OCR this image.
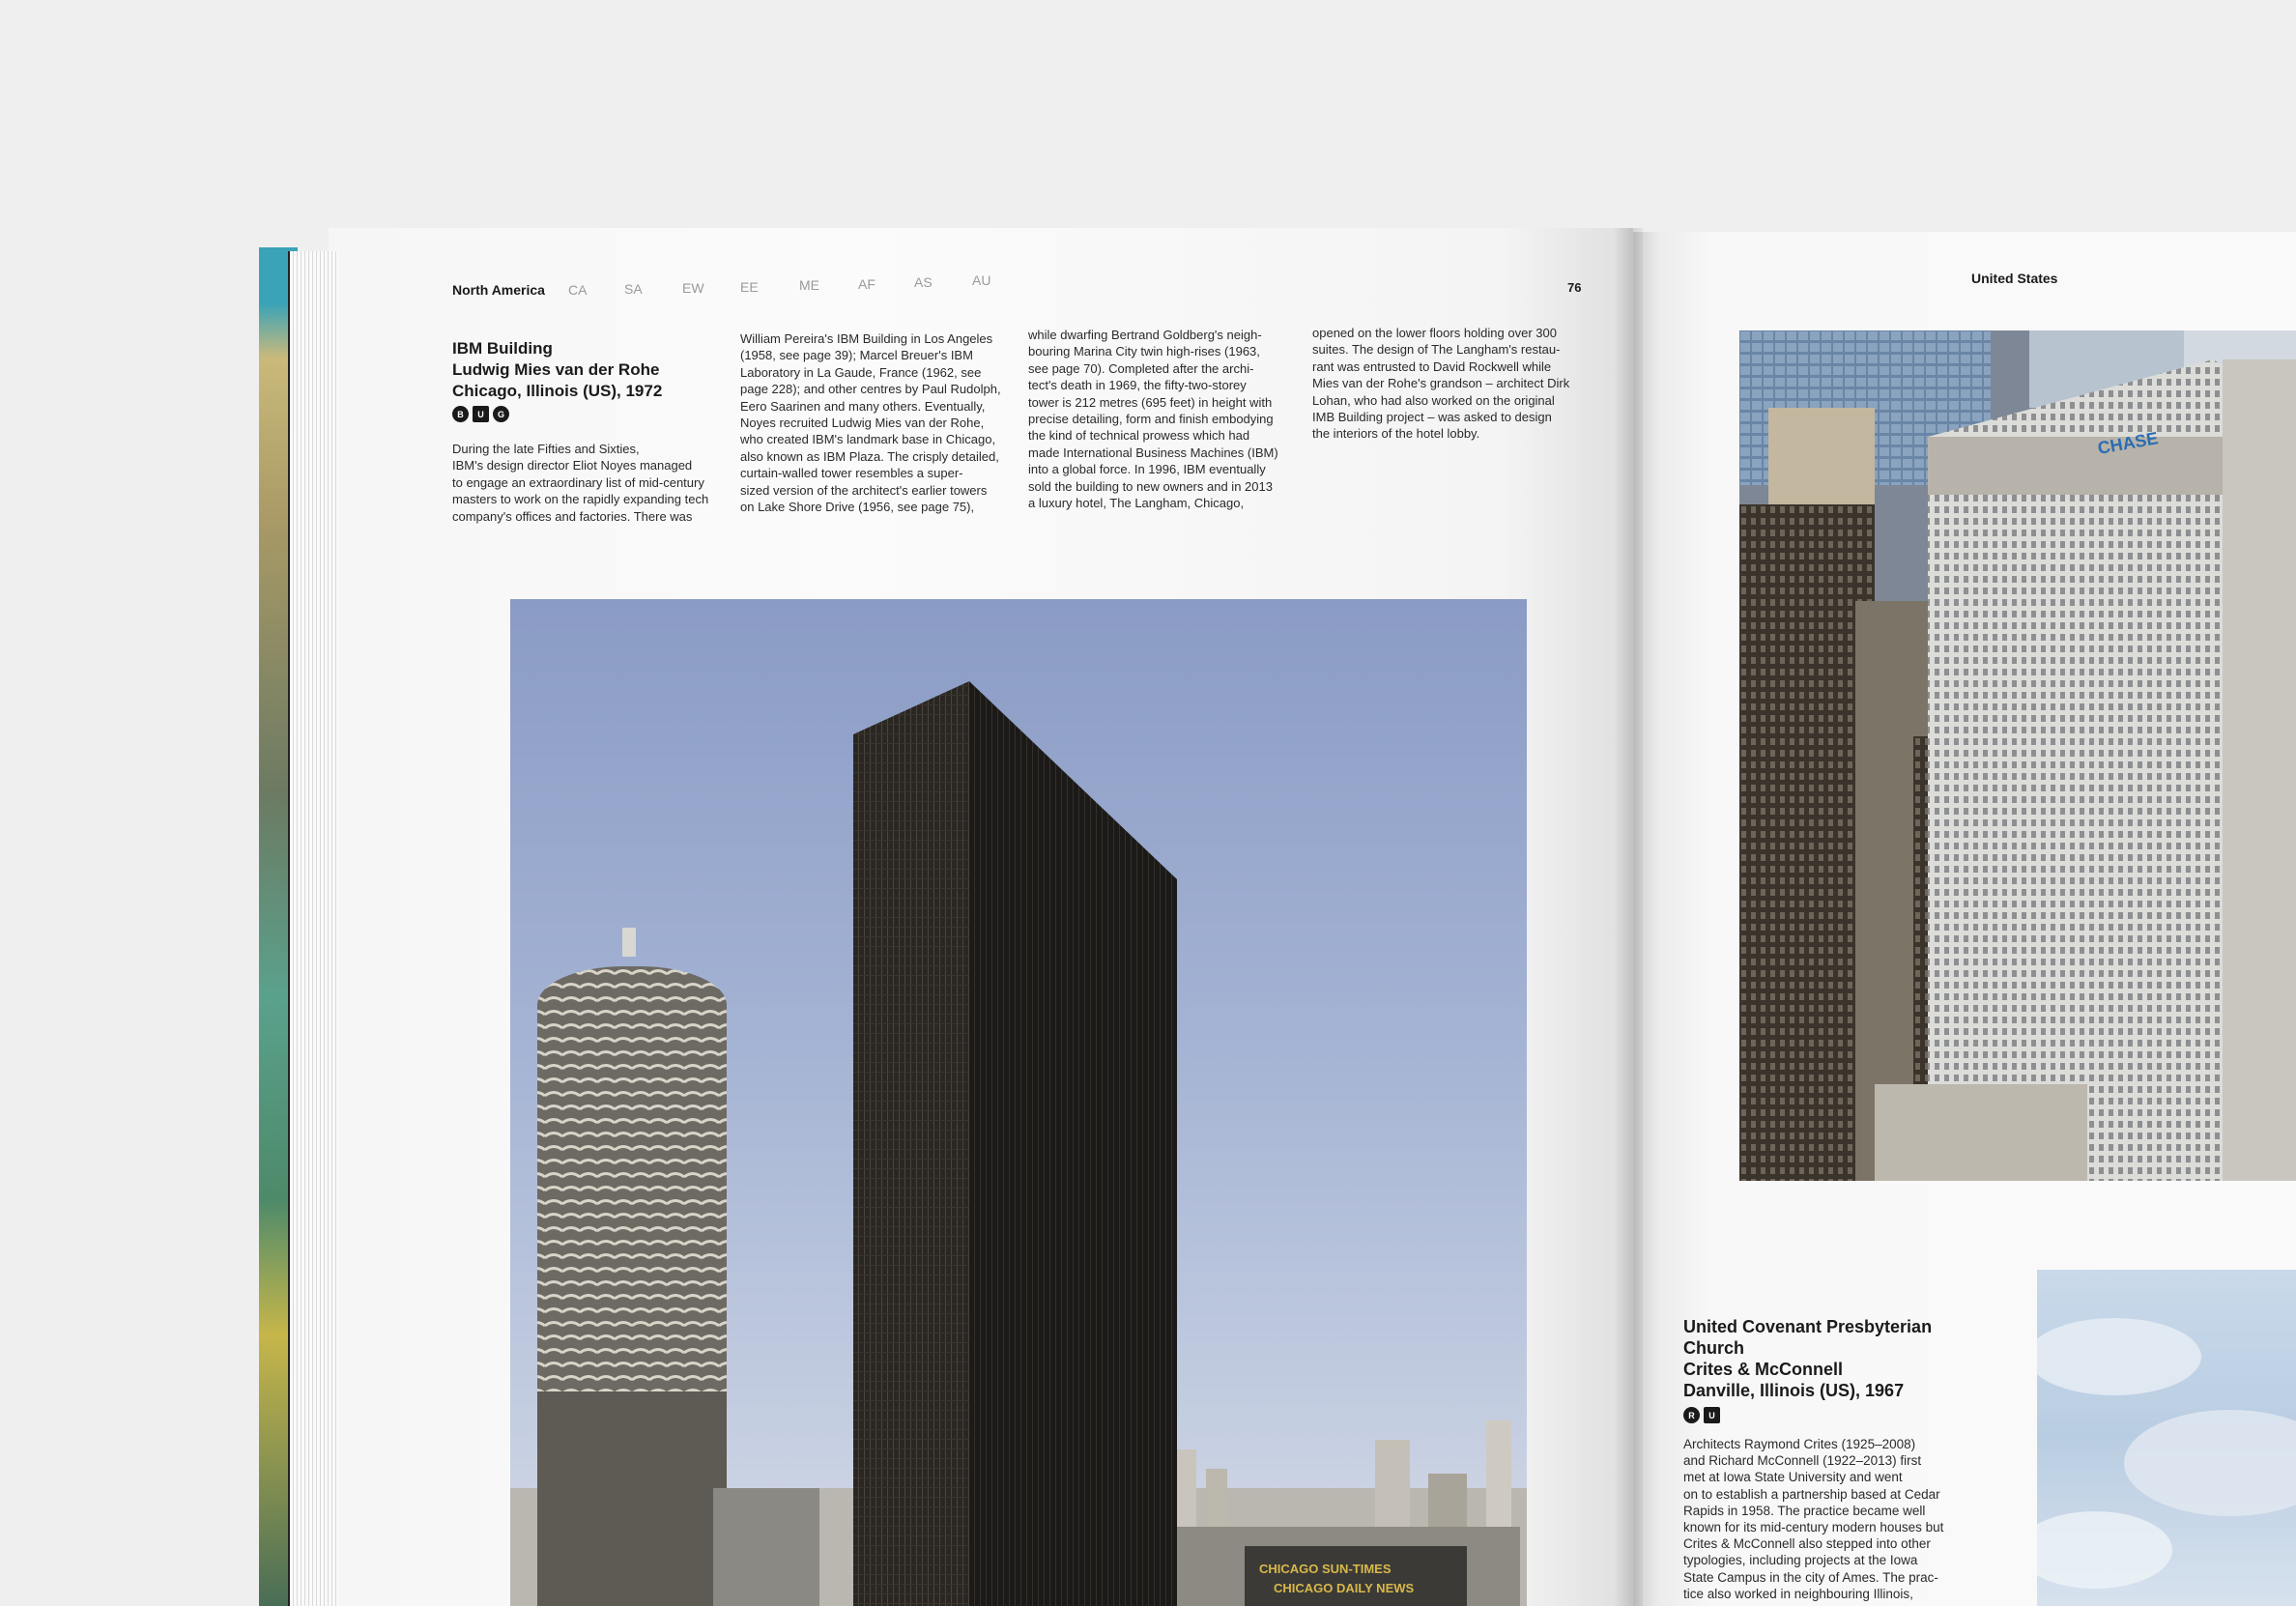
North America CA	SA	EW	EE	ME	AF	AS	AU	76
United States
IBM Building
Ludwig Mies van der Rohe
Chicago, Illinois (US), 1972
B	U	G
During the late Fifties and Sixties,
IBM's design director Eliot Noyes managed
to engage an extraordinary list of mid-century
masters to work on the rapidly expanding tech
company's offices and factories. There was
William Pereira's IBM Building in Los Angeles
(1958, see page 39); Marcel Breuer's IBM
Laboratory in La Gaude, France (1962, see
page 228); and other centres by Paul Rudolph,
Eero Saarinen and many others. Eventually,
Noyes recruited Ludwig Mies van der Rohe,
who created IBM's landmark base in Chicago,
also known as IBM Plaza. The crisply detailed,
curtain-walled tower resembles a super-
sized version of the architect's earlier towers
on Lake Shore Drive (1956, see page 75),
while dwarfing Bertrand Goldberg's neigh-
bouring Marina City twin high-rises (1963,
see page 70). Completed after the archi-
tect's death in 1969, the fifty-two-storey
tower is 212 metres (695 feet) in height with
precise detailing, form and finish embodying
the kind of technical prowess which had
made International Business Machines (IBM)
into a global force. In 1996, IBM eventually
sold the building to new owners and in 2013
a luxury hotel, The Langham, Chicago,
opened on the lower floors holding over 300
suites. The design of The Langham's restau-
rant was entrusted to David Rockwell while
Mies van der Rohe's grandson – architect Dirk
Lohan, who had also worked on the original
IMB Building project – was asked to design
the interiors of the hotel lobby.
CHICAGO SUN-TIMES
CHICAGO DAILY NEWS
CHASE
United Covenant Presbyterian
Church
Crites & McConnell
Danville, Illinois (US), 1967
R	U
Architects Raymond Crites (1925–2008)
and Richard McConnell (1922–2013) first
met at Iowa State University and went
on to establish a partnership based at Cedar
Rapids in 1958. The practice became well
known for its mid-century modern houses but
Crites & McConnell also stepped into other
typologies, including projects at the Iowa
State Campus in the city of Ames. The prac-
tice also worked in neighbouring Illinois,
